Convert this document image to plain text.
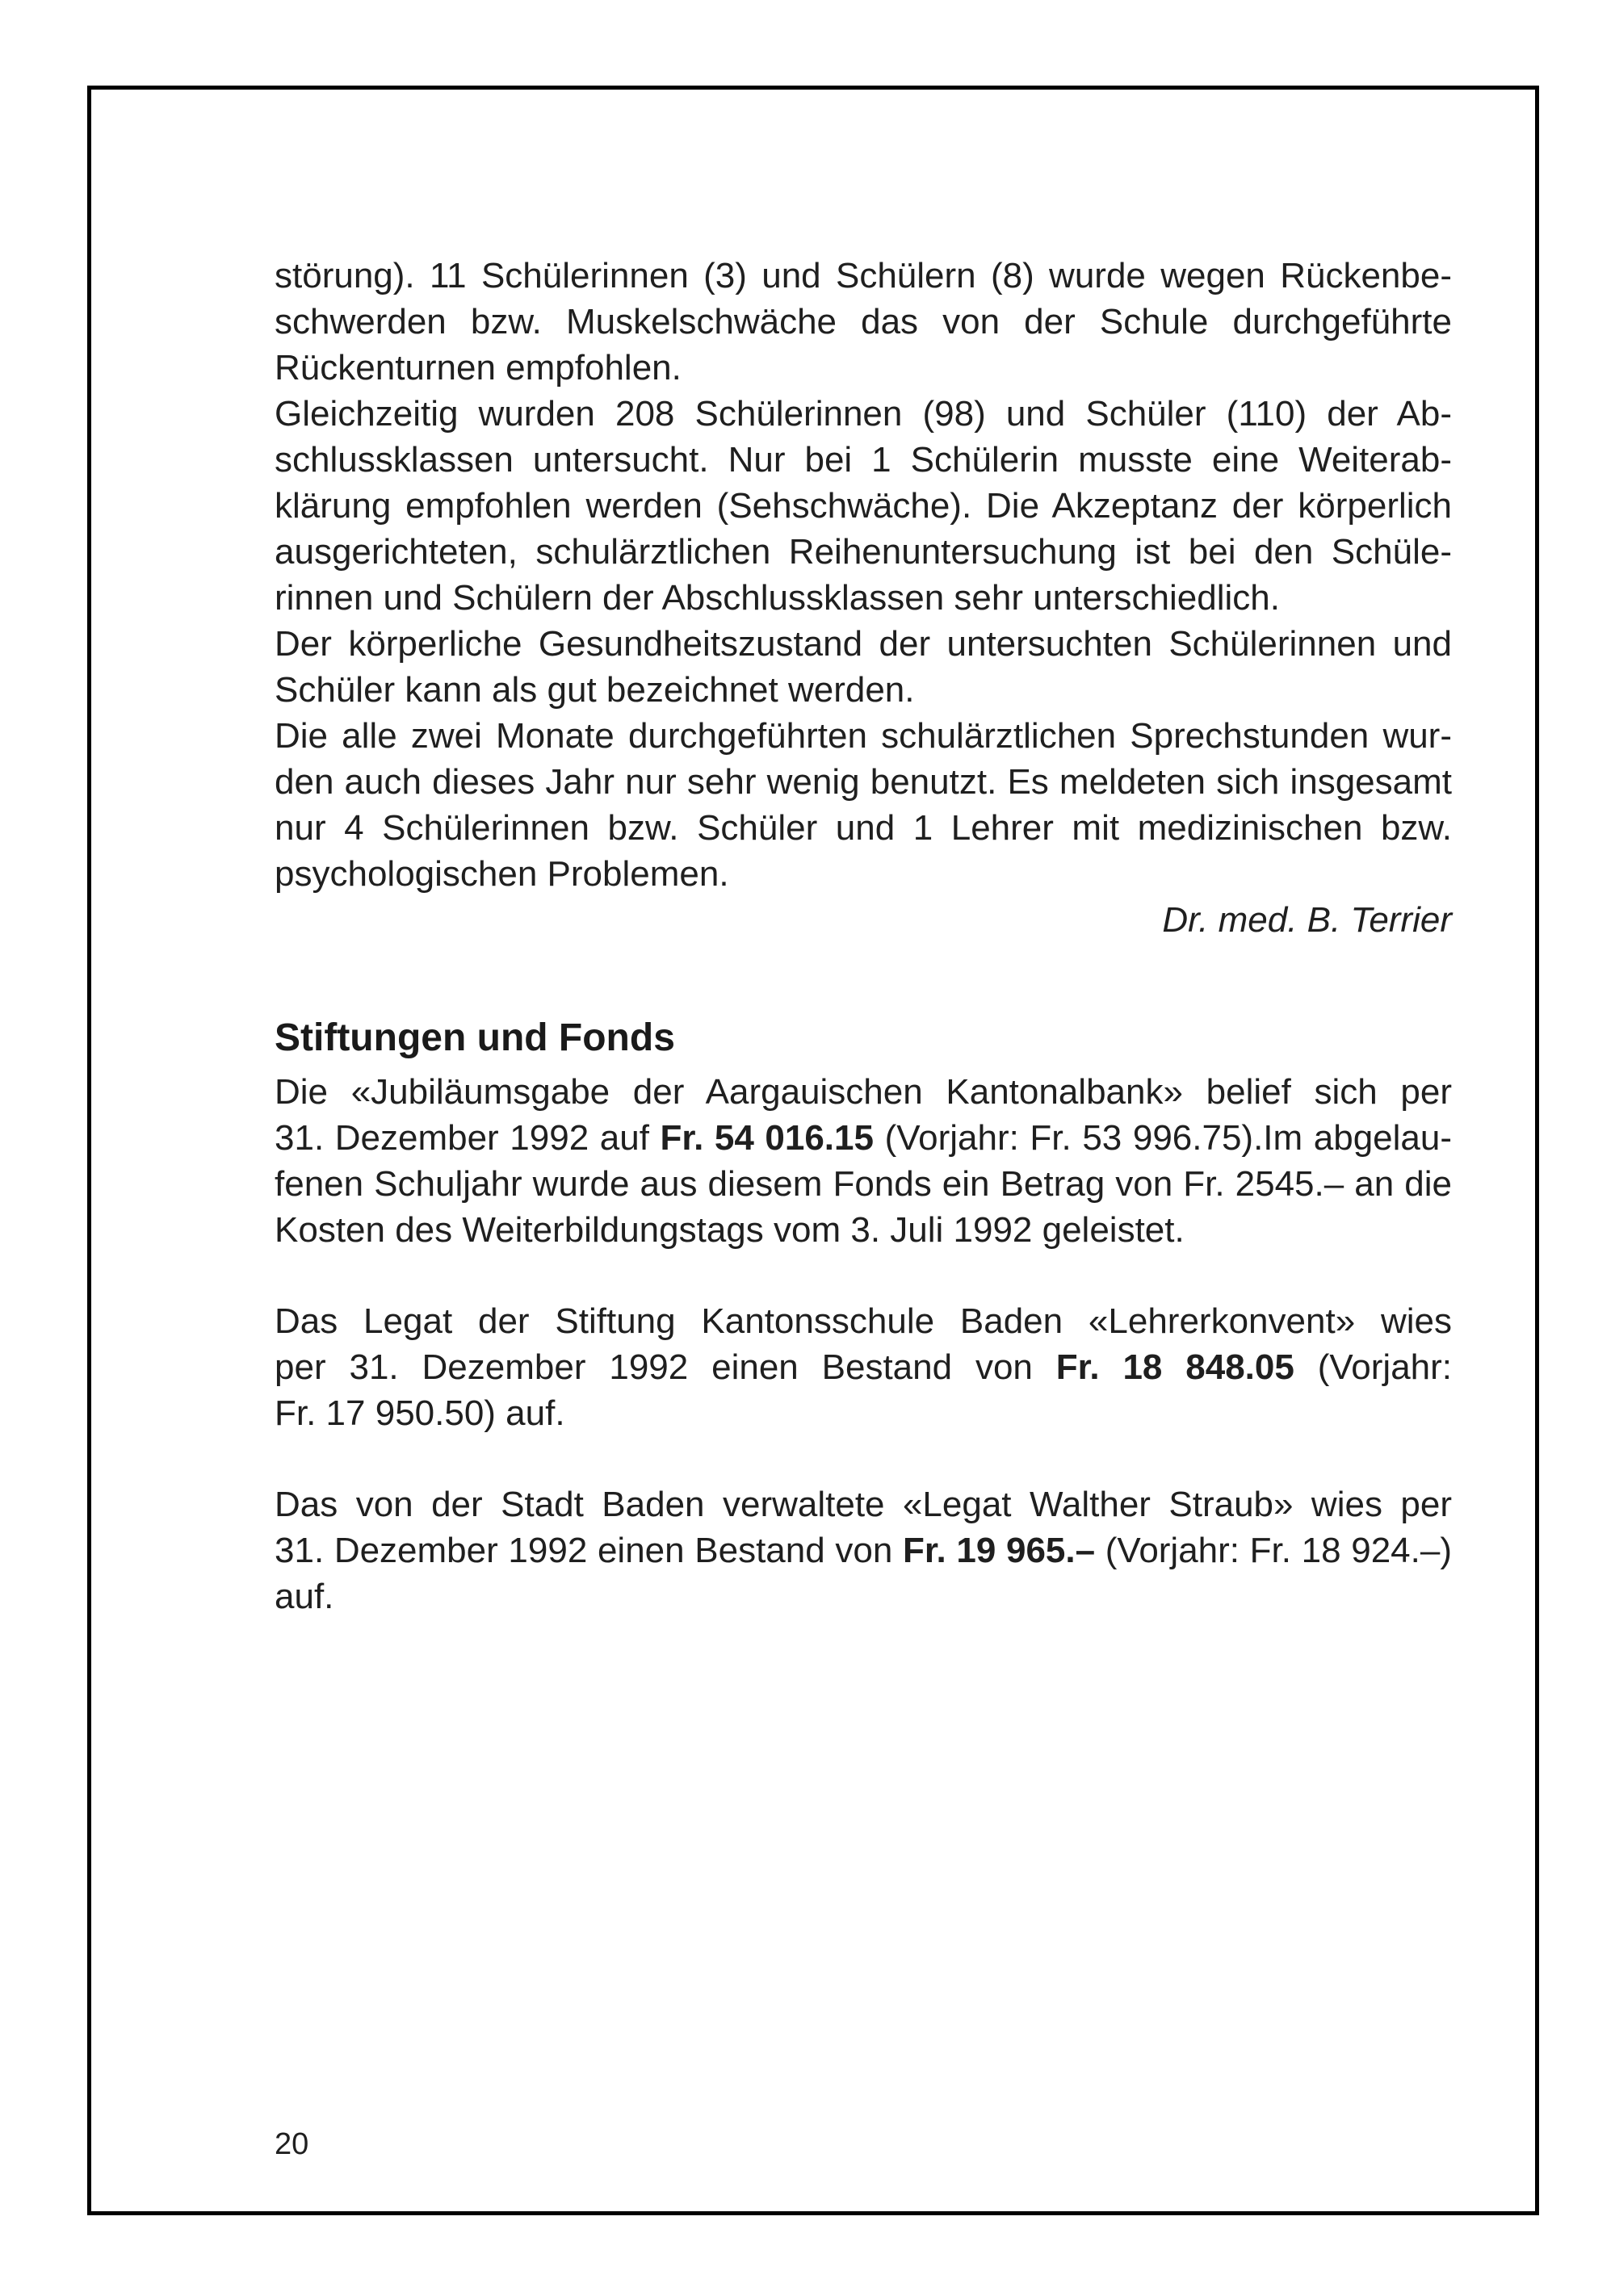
störung). 11 Schülerinnen (3) und Schülern (8) wurde wegen Rückenbe-
schwerden bzw. Muskelschwäche das von der Schule durchgeführte
Rückenturnen empfohlen.
Gleichzeitig wurden 208 Schülerinnen (98) und Schüler (110) der Ab-
schlussklassen untersucht. Nur bei 1 Schülerin musste eine Weiterab-
klärung empfohlen werden (Sehschwäche). Die Akzeptanz der körperlich
ausgerichteten, schulärztlichen Reihenuntersuchung ist bei den Schüle-
rinnen und Schülern der Abschlussklassen sehr unterschiedlich.
Der körperliche Gesundheitszustand der untersuchten Schülerinnen und
Schüler kann als gut bezeichnet werden.
Die alle zwei Monate durchgeführten schulärztlichen Sprechstunden wur-
den auch dieses Jahr nur sehr wenig benutzt. Es meldeten sich insgesamt
nur 4 Schülerinnen bzw. Schüler und 1 Lehrer mit medizinischen bzw.
psychologischen Problemen.
Dr. med. B. Terrier
Stiftungen und Fonds
Die «Jubiläumsgabe der Aargauischen Kantonalbank» belief sich per
31. Dezember 1992 auf Fr. 54 016.15 (Vorjahr: Fr. 53 996.75).Im abgelau-
fenen Schuljahr wurde aus diesem Fonds ein Betrag von Fr. 2545.– an die
Kosten des Weiterbildungstags vom 3. Juli 1992 geleistet.
Das Legat der Stiftung Kantonsschule Baden «Lehrerkonvent» wies
per 31. Dezember 1992 einen Bestand von Fr. 18 848.05 (Vorjahr:
Fr. 17 950.50) auf.
Das von der Stadt Baden verwaltete «Legat Walther Straub» wies per
31. Dezember 1992 einen Bestand von Fr. 19 965.– (Vorjahr: Fr. 18 924.–)
auf.
20
